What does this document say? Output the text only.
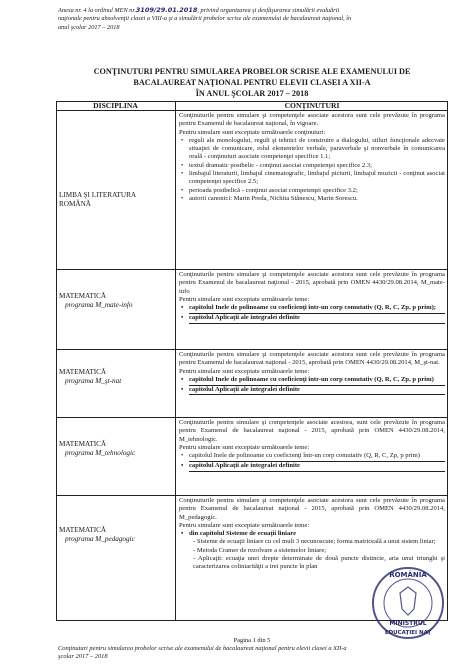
Anexa nr. 4 la ordinul MEN nr.3109/29.01.2018, privind organizarea şi desfăşurarea simulării evaluării
naţionale pentru absolvenţii clasei a VIII-a şi a simulării probelor scrise ale examenului de bacalaureat naţional, în
anul şcolar 2017 – 2018
CONŢINUTURI PENTRU SIMULAREA PROBELOR SCRISE ALE EXAMENULUI DE
BACALAUREAT NAŢIONAL PENTRU ELEVII CLASEI A XII-A
ÎN ANUL ŞCOLAR 2017 – 2018
DISCIPLINA	CONŢINUTURI
LIMBA ŞI LITERATURA
ROMÂNĂ

Conţinuturile pentru simulare şi competenţele asociate acestora sunt cele prevăzute în programa pentru Examenul de bacalaureat naţional, în vigoare.

Pentru simulare sunt exceptate următoarele conţinuturi:

• reguli ale monologului, reguli şi tehnici de construire a dialogului, stiluri funcţionale adecvate situaţiei de comunicare, rolul elementelor verbale, paraverbale şi nonverbale în comunicarea orală - conţinuturi asociate competenţei specifice 1.1;
• textul dramatic postbelic - conţinut asociat competenţei specifice 2.3;
• limbajul literaturii, limbajul cinematografic, limbajul picturii, limbajul muzicii - conţinut asociat competenţei specifice 2.5;
• perioada postbelică - conţinut asociat competenţei specifice 3.2;
• autorii canonici: Marin Preda, Nichita Stănescu, Marin Sorescu.
MATEMATICĂ
programa M_mate-info

Conţinuturile pentru simulare şi competenţele asociate acestora sunt cele prevăzute în programa pentru Examenul de bacalaureat naţional - 2015, aprobată prin OMEN 4430/29.08.2014, M_mate-info

Pentru simulare sunt exceptate următoarele teme:

• capitolul Inele de polinoame cu coeficienţi într-un corp comutativ (Q, R, C, Zp, p prim);
• capitolul Aplicaţii ale integralei definite
MATEMATICĂ
programa M_şt-nat

Conţinuturile pentru simulare şi competenţele asociate acestora sunt cele prevăzute în programa pentru Examenul de bacalaureat naţional - 2015, aprobată prin OMEN 4430/29.08.2014, M_şt-nat.

Pentru simulare sunt exceptate următoarele teme:

• capitolul Inele de polinoame cu coeficienţi într-un corp comutativ (Q, R, C, Zp, p prim)
• capitolul Aplicaţii ale integralei definite
MATEMATICĂ
programa M_tehnologic

Conţinuturile pentru simulare şi competenţele asociate acestora, sunt cele prevăzute în programa pentru Examenul de bacalaureat naţional - 2015, aprobată prin OMEN 4430/29.08.2014, M_tehnologic.

Pentru simulare sunt exceptate următoarele teme:

• capitolul Inele de polinoame cu coeficienţi într-un corp comutativ (Q, R, C, Zp, p prim)
• capitolul Aplicaţii ale integralei definite
MATEMATICĂ
programa M_pedagogic

Conţinuturile pentru simulare şi competenţele asociate acestora sunt cele prevăzute în programa pentru Examenul de bacalaureat naţional - 2015, aprobată prin OMEN 4430/29.08.2014, M_pedagogic.

Pentru simulare sunt exceptate următoarele teme:

• din capitolul Sisteme de ecuaţii liniare
- Sisteme de ecuaţii liniare cu cel mult 3 necunoscute; forma matriceală a unui sistem liniar;
- Metoda Cramer de rezolvare a sistemelor liniare;
- Aplicaţii: ecuaţia unei drepte determinate de două puncte distincte, aria unui triunghi şi caracterizarea coliniarităţii a trei puncte în plan
ROMÂNIA
MINISTRUL
EDUCAŢIEI NAŢ
Pagina 1 din 5
Conţinuturi pentru simularea probelor scrise ale examenului de bacalaureat naţional pentru elevii clasei a XII-a
şcolar 2017 – 2018
